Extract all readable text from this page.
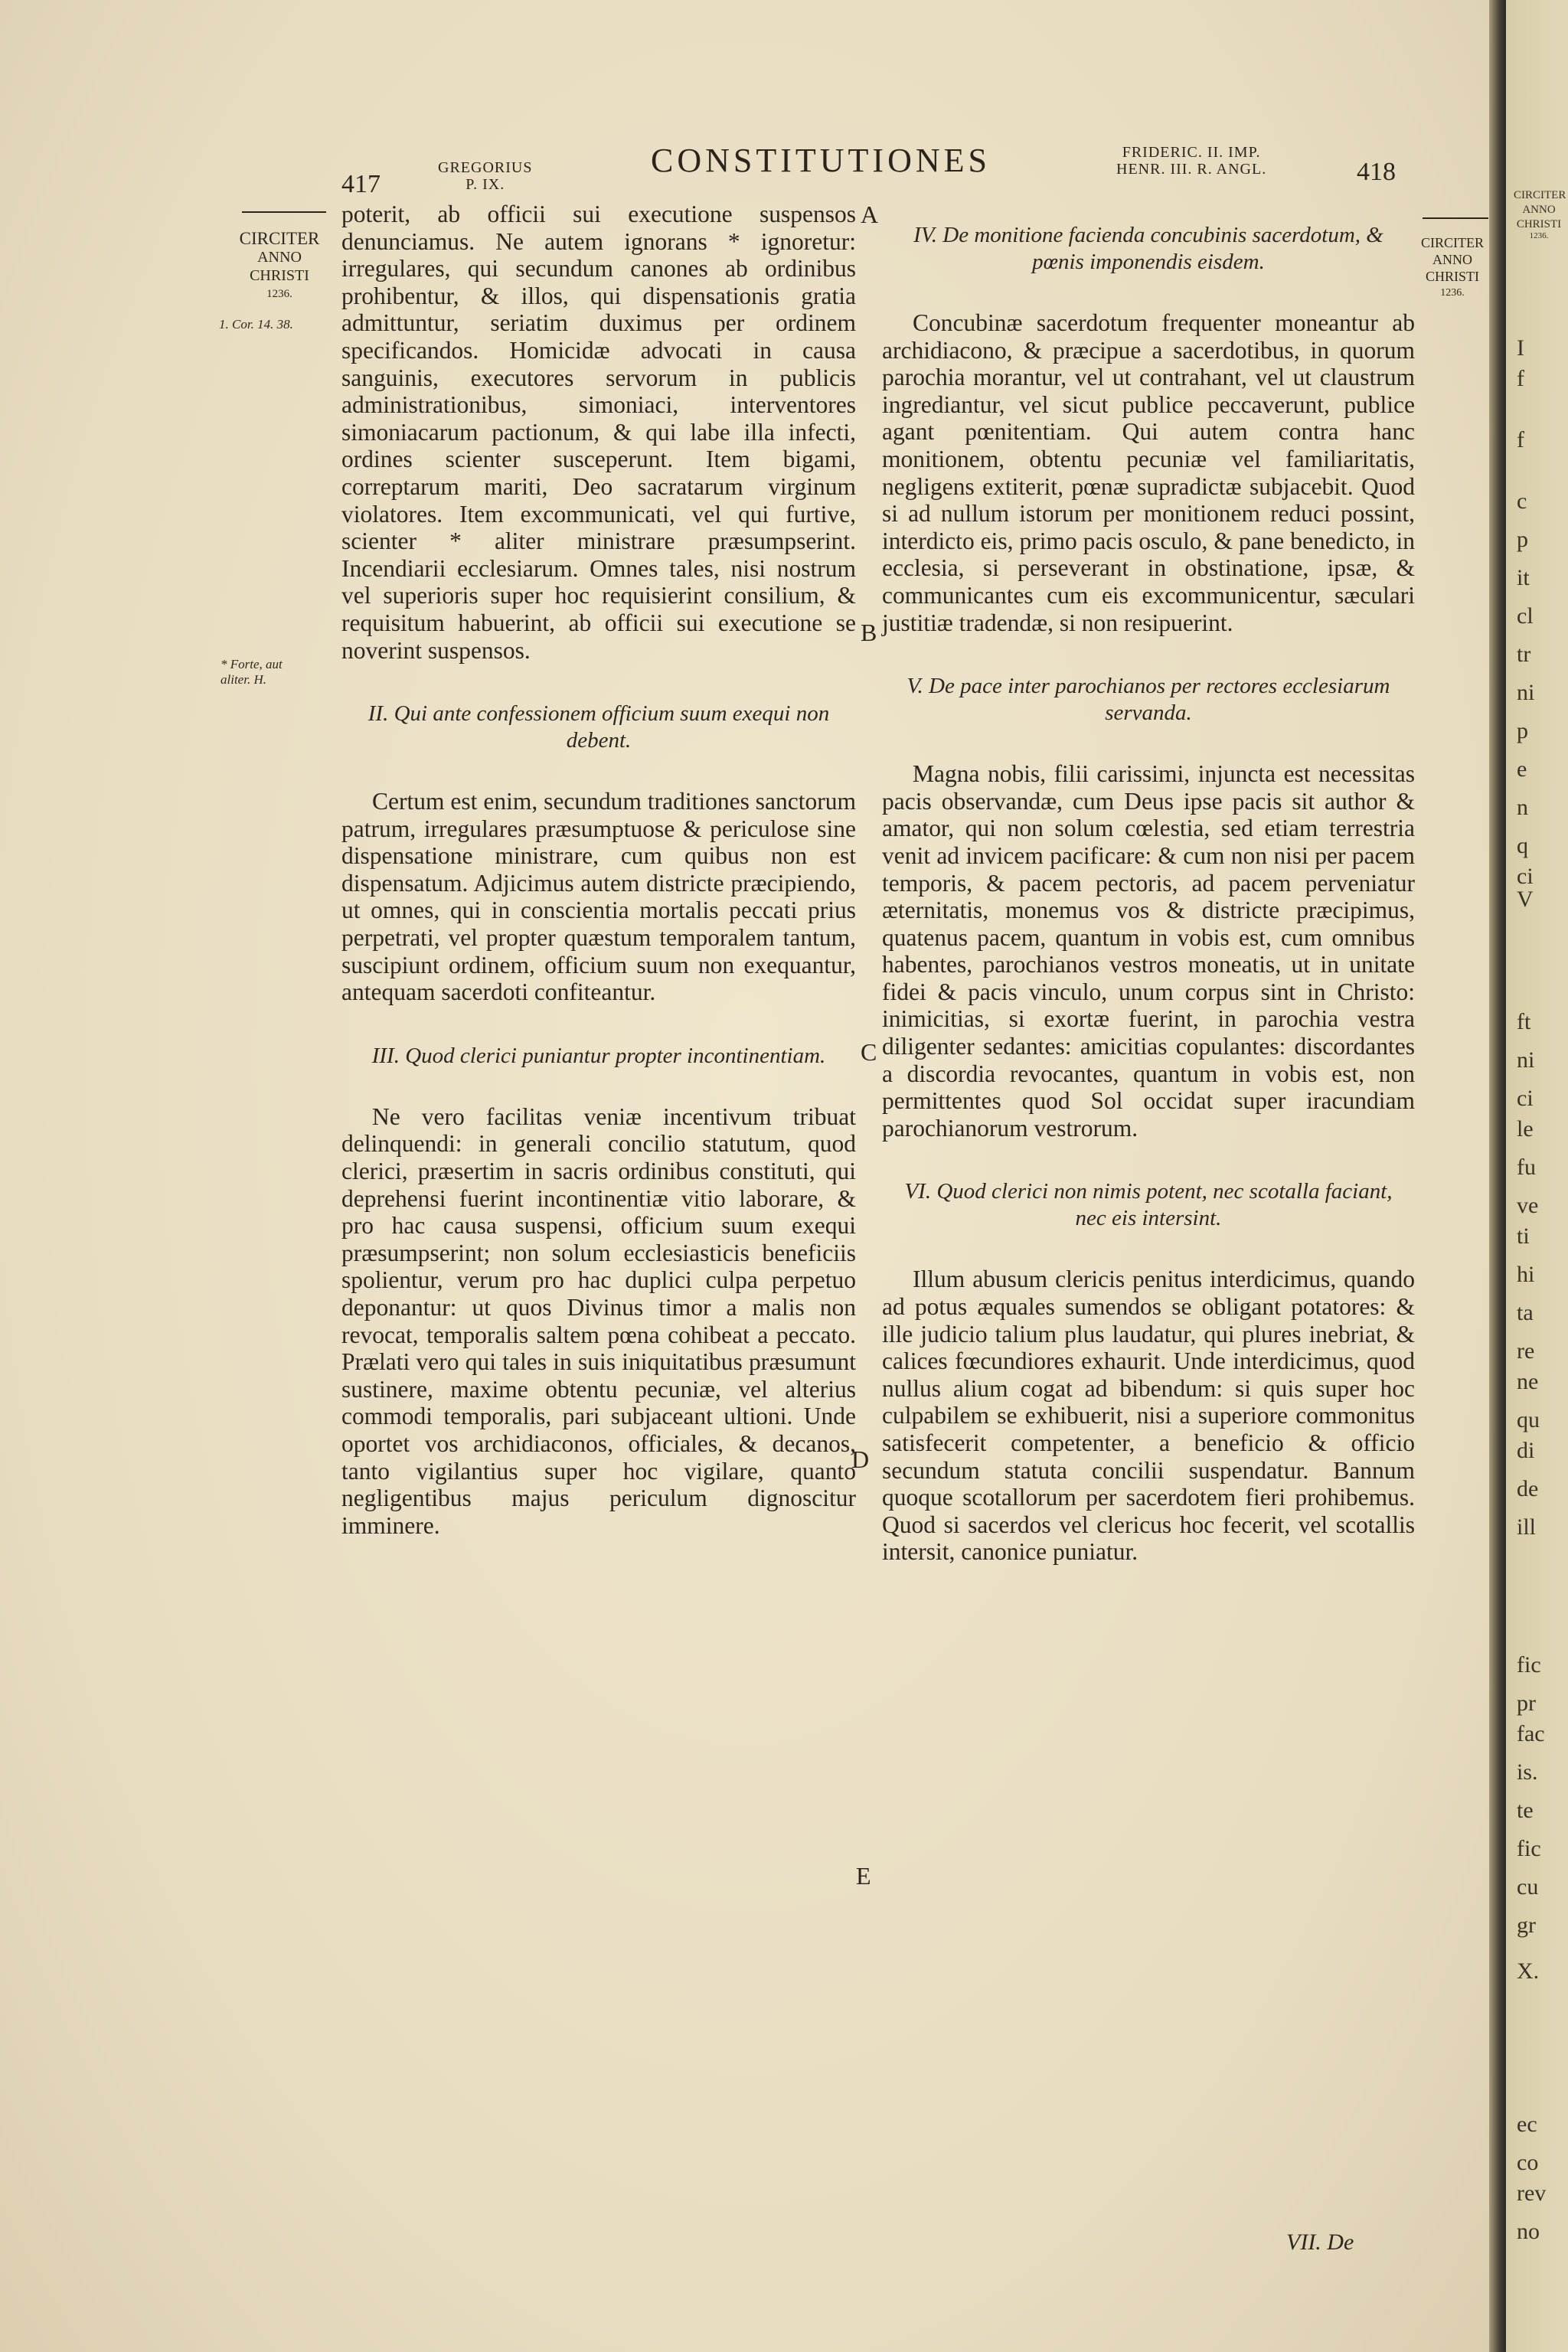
417
GREGORIUS
P. IX.
CONSTITUTIONES	FRIDERIC. II. IMP.
HENR. III. R. ANGL.	418
CIRCITER
ANNO
CHRISTI
1236.
1. Cor. 14. 38.
* Forte, aut
aliter. H.
CIRCITER
ANNO
CHRISTI
1236.
A
B
C
D
E

poterit, ab officii sui executione suspensos denunciamus. Ne autem ignorans * ignoretur: irregulares, qui secundum canones ab ordinibus prohibentur, & illos, qui dispensationis gratia admittuntur, seriatim duximus per ordinem specificandos. Homicidæ advocati in causa sanguinis, executores servorum in publicis administrationibus, simoniaci, interventores simoniacarum pactionum, & qui labe illa infecti, ordines scienter susceperunt. Item bigami, correptarum mariti, Deo sacratarum virginum violatores. Item excommunicati, vel qui furtive, scienter * aliter ministrare præsumpserint. Incendiarii ecclesiarum. Omnes tales, nisi nostrum vel superioris super hoc requisierint consilium, & requisitum habuerint, ab officii sui executione se noverint suspensos.

II. Qui ante confessionem officium suum exequi non debent.

Certum est enim, secundum traditiones sanctorum patrum, irregulares præsumptuose & periculose sine dispensatione ministrare, cum quibus non est dispensatum. Adjicimus autem districte præcipiendo, ut omnes, qui in conscientia mortalis peccati prius perpetrati, vel propter quæstum temporalem tantum, suscipiunt ordinem, officium suum non exequantur, antequam sacerdoti confiteantur.

III. Quod clerici puniantur propter incontinentiam.

Ne vero facilitas veniæ incentivum tribuat delinquendi: in generali concilio statutum, quod clerici, præsertim in sacris ordinibus constituti, qui deprehensi fuerint incontinentiæ vitio laborare, & pro hac causa suspensi, officium suum exequi præsumpserint; non solum ecclesiasticis beneficiis spolientur, verum pro hac duplici culpa perpetuo deponantur: ut quos Divinus timor a malis non revocat, temporalis saltem pœna cohibeat a peccato. Prælati vero qui tales in suis iniquitatibus præsumunt sustinere, maxime obtentu pecuniæ, vel alterius commodi temporalis, pari subjaceant ultioni. Unde oportet vos archidiaconos, officiales, & decanos, tanto vigilantius super hoc vigilare, quanto negligentibus majus periculum dignoscitur imminere.

IV. De monitione facienda concubinis sacerdotum, & pœnis imponendis eisdem.

Concubinæ sacerdotum frequenter moneantur ab archidiacono, & præcipue a sacerdotibus, in quorum parochia morantur, vel ut contrahant, vel ut claustrum ingrediantur, vel sicut publice peccaverunt, publice agant pœnitentiam. Qui autem contra hanc monitionem, obtentu pecuniæ vel familiaritatis, negligens extiterit, pœnæ supradictæ subjacebit. Quod si ad nullum istorum per monitionem reduci possint, interdicto eis, primo pacis osculo, & pane benedicto, in ecclesia, si perseverant in obstinatione, ipsæ, & communicantes cum eis excommunicentur, sæculari justitiæ tradendæ, si non resipuerint.

V. De pace inter parochianos per rectores ecclesiarum servanda.

Magna nobis, filii carissimi, injuncta est necessitas pacis observandæ, cum Deus ipse pacis sit author & amator, qui non solum cœlestia, sed etiam terrestria venit ad invicem pacificare: & cum non nisi per pacem temporis, & pacem pectoris, ad pacem perveniatur æternitatis, monemus vos & districte præcipimus, quatenus pacem, quantum in vobis est, cum omnibus habentes, parochianos vestros moneatis, ut in unitate fidei & pacis vinculo, unum corpus sint in Christo: inimicitias, si exortæ fuerint, in parochia vestra diligenter sedantes: amicitias copulantes: discordantes a discordia revocantes, quantum in vobis est, non permittentes quod Sol occidat super iracundiam parochianorum vestrorum.

VI. Quod clerici non nimis potent, nec scotalla faciant, nec eis intersint.

Illum abusum clericis penitus interdicimus, quando ad potus æquales sumendos se obligant potatores: & ille judicio talium plus laudatur, qui plures inebriat, & calices fœcundiores exhaurit. Unde interdicimus, quod nullus alium cogat ad bibendum: si quis super hoc culpabilem se exhibuerit, nisi a superiore commonitus satisfecerit competenter, a beneficio & officio secundum statuta concilii suspendatur. Bannum quoque scotallorum per sacerdotem fieri prohibemus. Quod si sacerdos vel clericus hoc fecerit, vel scotallis intersit, canonice puniatur.

VII. De
CIRCITER
ANNO
CHRISTI
1236.
I
f
f
c
p
it
cl
tr
ni
p
e
n
q
ci
V
ft
ni
ci
le
fu
ve
ti
hi
ta
re
ne
qu
di
de
ill
fic
pr
fac
is.
te
fic
cu
gr
X.
ec
co
rev
no
